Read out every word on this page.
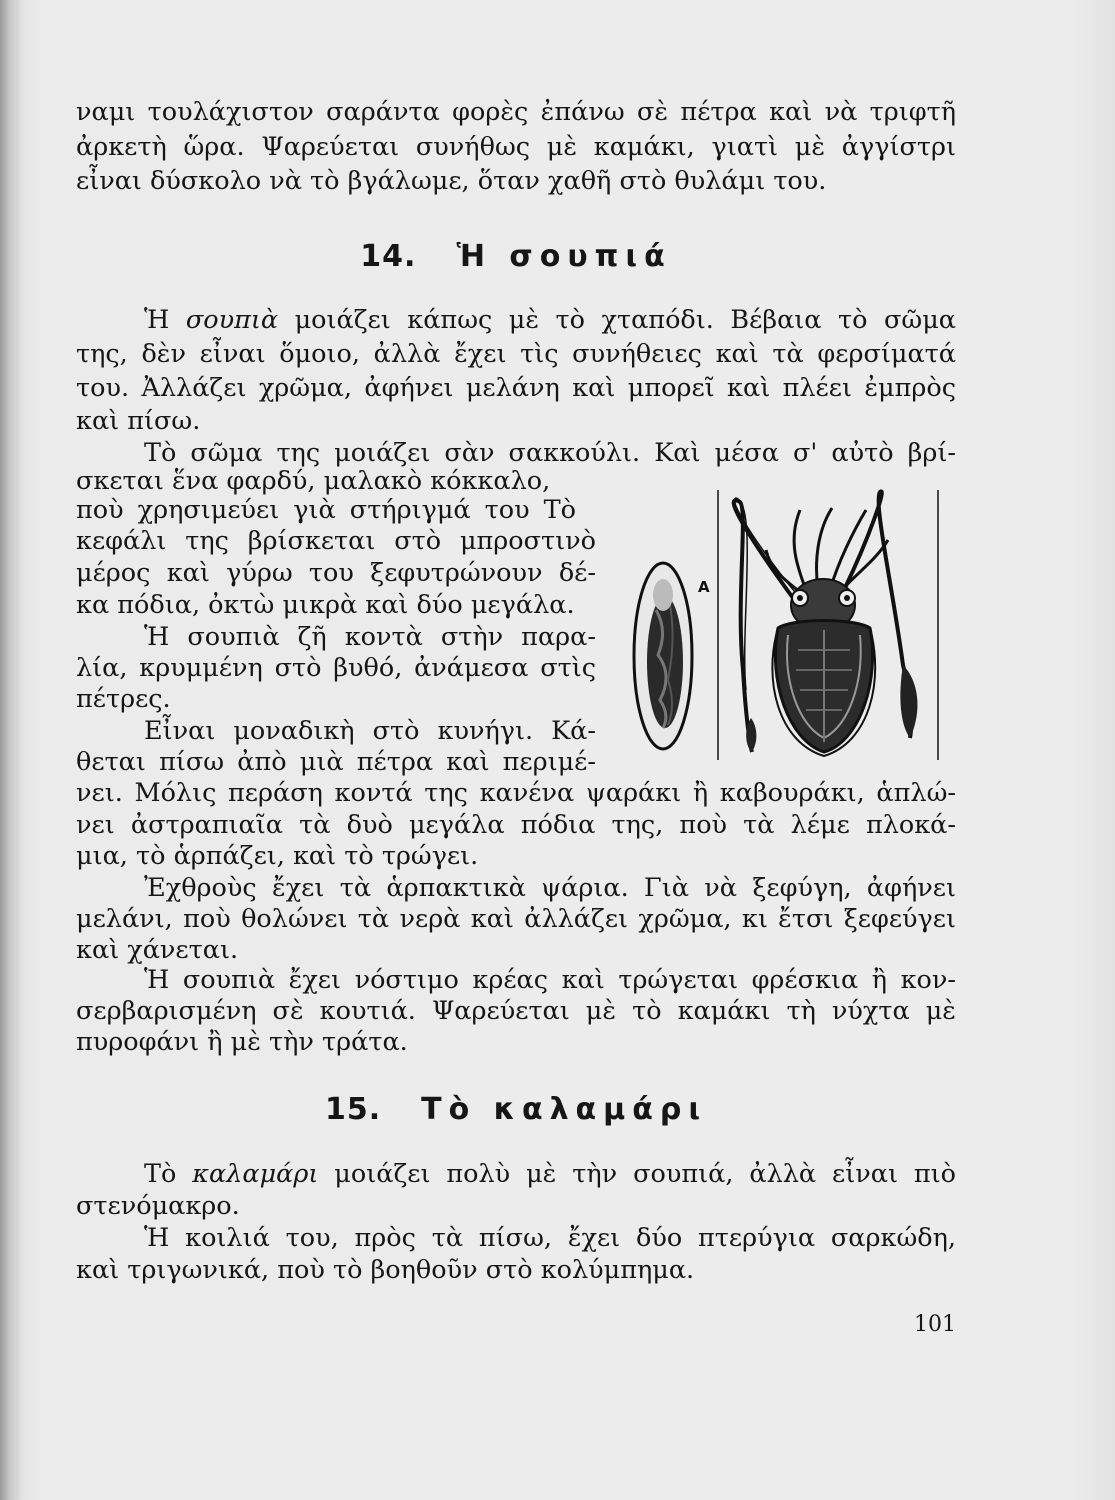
ναμι τουλάχιστον σαράντα φορὲς ἐπάνω σὲ πέτρα καὶ νὰ τριφτῆ
ἀρκετὴ ὥρα. Ψαρεύεται συνήθως μὲ καμάκι, γιατὶ μὲ ἀγγίστρι
εἶναι δύσκολο νὰ τὸ βγάλωμε, ὅταν χαθῆ στὸ θυλάμι του.
14. Ἡ σουπιά
Ἡ σουπιὰ μοιάζει κάπως μὲ τὸ χταπόδι. Βέβαια τὸ σῶμα
της, δὲν εἶναι ὅμοιο, ἀλλὰ ἔχει τὶς συνήθειες καὶ τὰ φερσίματά
του. Ἀλλάζει χρῶμα, ἀφήνει μελάνη καὶ μπορεῖ καὶ πλέει ἐμπρὸς
καὶ πίσω.
Τὸ σῶμα της μοιάζει σὰν σακκούλι. Καὶ μέσα σ' αὐτὸ βρί-
σκεται ἕνα φαρδύ, μαλακὸ κόκκαλο,
ποὺ χρησιμεύει γιὰ στήριγμά του Τὸ
κεφάλι της βρίσκεται στὸ μπροστινὸ
μέρος καὶ γύρω του ξεφυτρώνουν δέ-
κα πόδια, ὀκτὼ μικρὰ καὶ δύο μεγάλα.
Ἡ σουπιὰ ζῆ κοντὰ στὴν παρα-
λία, κρυμμένη στὸ βυθό, ἀνάμεσα στὶς
πέτρες.
Εἶναι μοναδικὴ στὸ κυνήγι. Κά-
θεται πίσω ἀπὸ μιὰ πέτρα καὶ περιμέ-
νει. Μόλις περάση κοντά της κανένα ψαράκι ἢ καβουράκι, ἁπλώ-
νει ἀστραπιαῖα τὰ δυὸ μεγάλα πόδια της, ποὺ τὰ λέμε πλοκά-
μια, τὸ ἁρπάζει, καὶ τὸ τρώγει.
Ἐχθροὺς ἔχει τὰ ἁρπακτικὰ ψάρια. Γιὰ νὰ ξεφύγη, ἀφήνει
μελάνι, ποὺ θολώνει τὰ νερὰ καὶ ἀλλάζει χρῶμα, κι ἔτσι ξεφεύγει
καὶ χάνεται.
Ἡ σουπιὰ ἔχει νόστιμο κρέας καὶ τρώγεται φρέσκια ἢ κον-
σερβαρισμένη σὲ κουτιά. Ψαρεύεται μὲ τὸ καμάκι τὴ νύχτα μὲ
πυροφάνι ἢ μὲ τὴν τράτα.
15. Τὸ καλαμάρι
Τὸ καλαμάρι μοιάζει πολὺ μὲ τὴν σουπιά, ἀλλὰ εἶναι πιὸ
στενόμακρο.
Ἡ κοιλιά του, πρὸς τὰ πίσω, ἔχει δύο πτερύγια σαρκώδη,
καὶ τριγωνικά, ποὺ τὸ βοηθοῦν στὸ κολύμπημα.
101
Α
